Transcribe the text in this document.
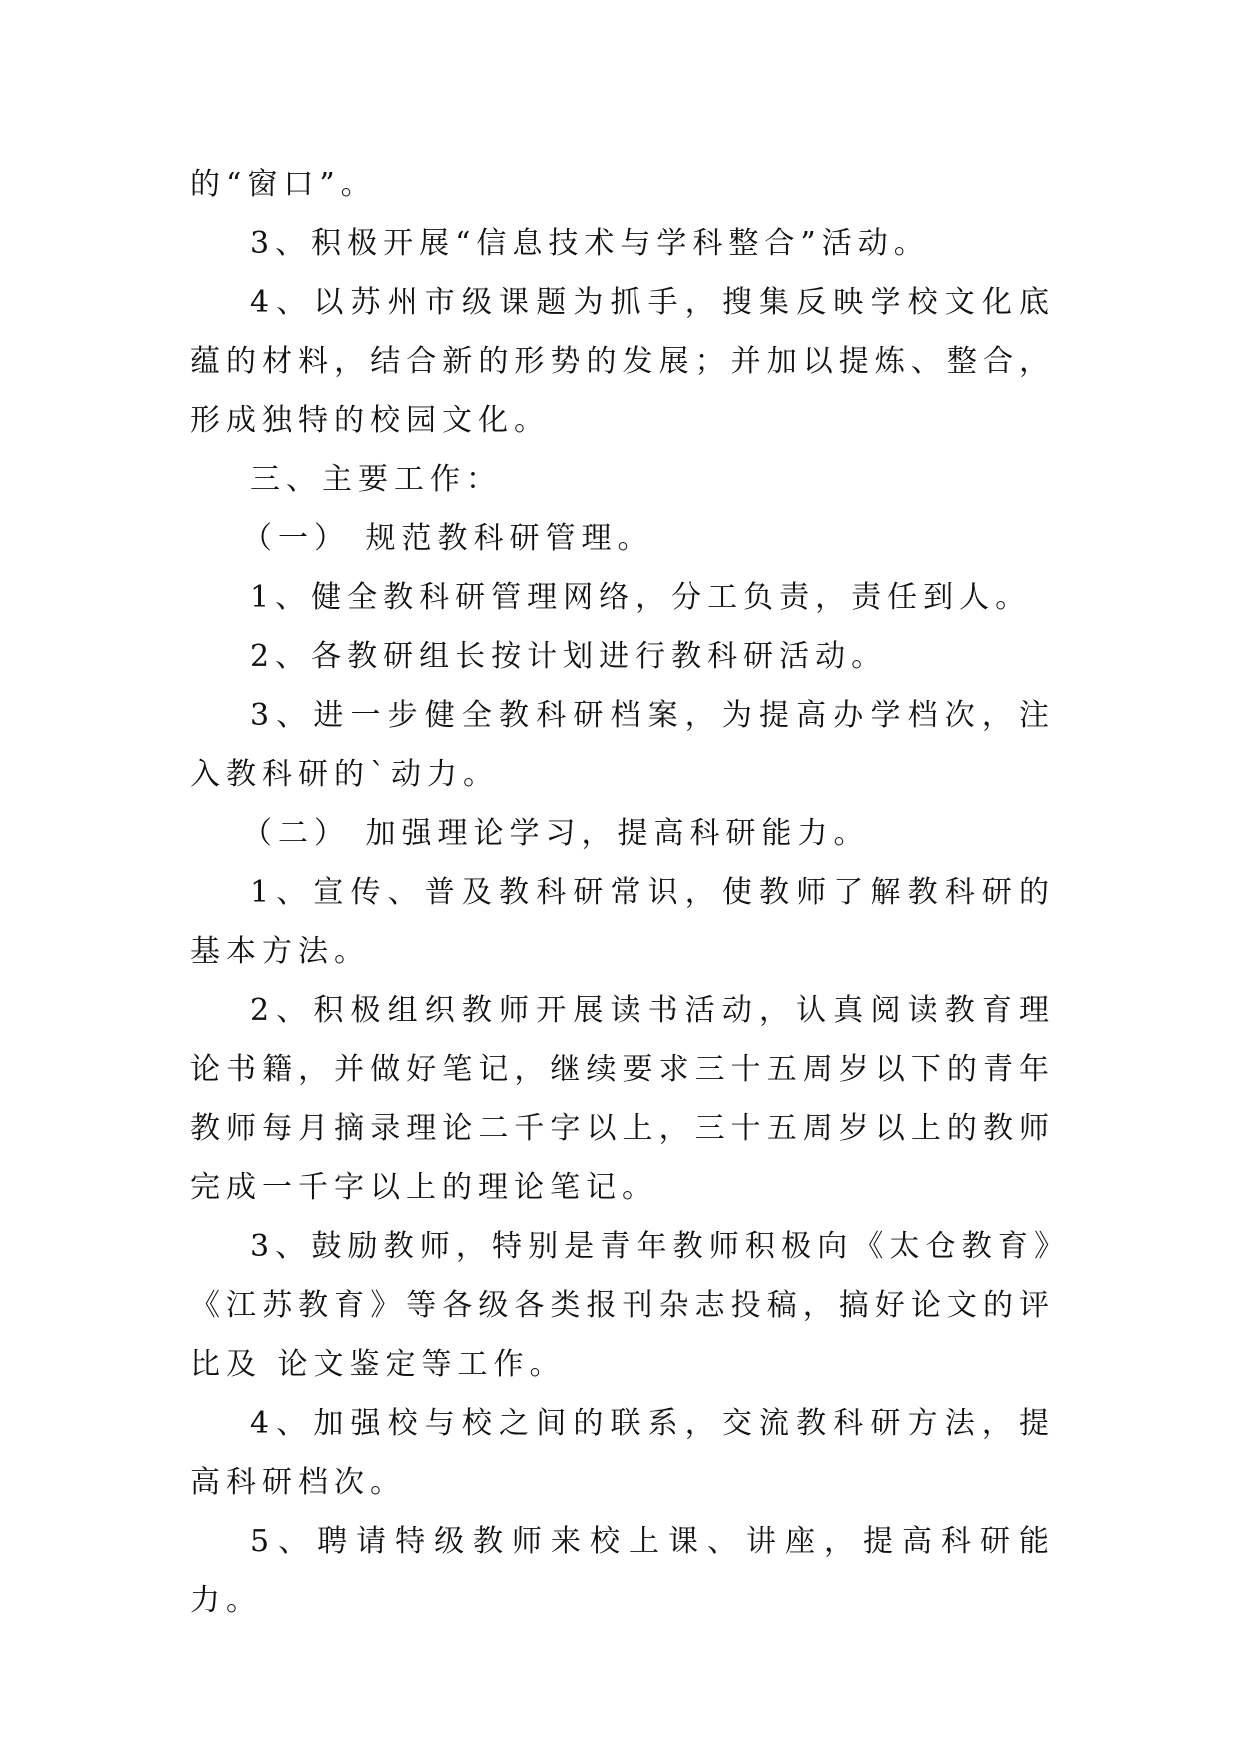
的“窗口”。

3、积极开展“信息技术与学科整合”活动。

4、以苏州市级课题为抓手，搜集反映学校文化底蕴的材料，结合新的形势的发展；并加以提炼、整合，形成独特的校园文化。

三、主要工作：

（一） 规范教科研管理。

1、健全教科研管理网络，分工负责，责任到人。

2、各教研组长按计划进行教科研活动。

3、进一步健全教科研档案，为提高办学档次，注入教科研的`动力。

（二） 加强理论学习，提高科研能力。

1、宣传、普及教科研常识，使教师了解教科研的基本方法。

2、积极组织教师开展读书活动，认真阅读教育理论书籍，并做好笔记，继续要求三十五周岁以下的青年教师每月摘录理论二千字以上，三十五周岁以上的教师完成一千字以上的理论笔记。

3、鼓励教师，特别是青年教师积极向《太仓教育》《江苏教育》等各级各类报刊杂志投稿，搞好论文的评比及 论文鉴定等工作。

4、加强校与校之间的联系，交流教科研方法，提高科研档次。

5、聘请特级教师来校上课、讲座，提高科研能力。
